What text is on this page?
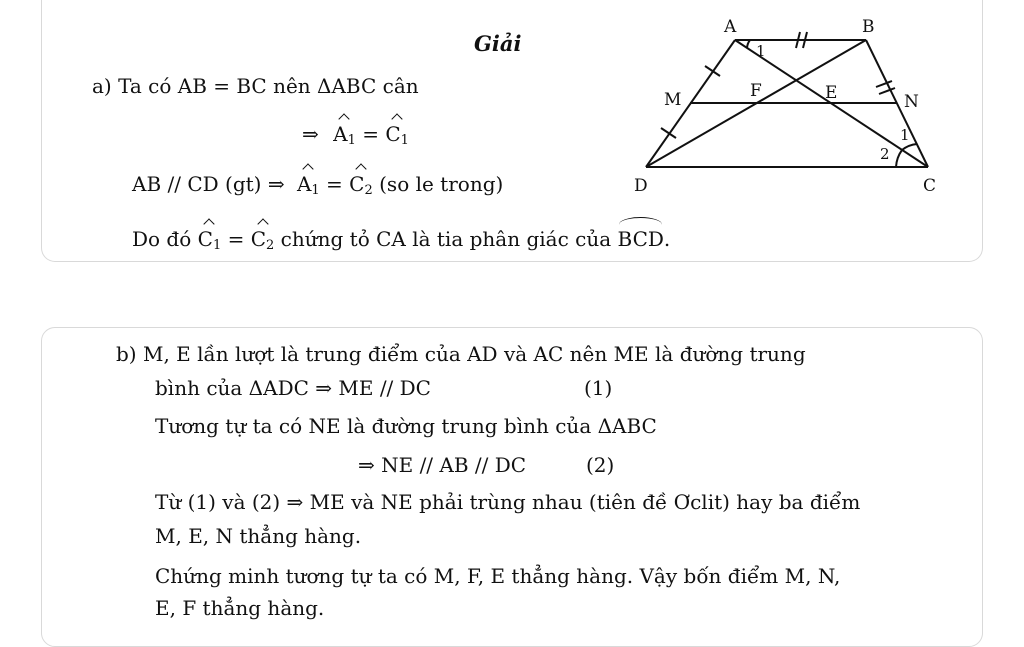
Giải
a) Ta có AB = BC nên ΔABC cân
⇒ $A_1 = C_1$
AB // CD (gt) ⇒ $A_1 = C_2$ (so le trong)
Do đó $C_1 = C_2$ chứng tỏ CA là tia phân giác của BCD.
A	B
C
D
M	N
E
F
1
1
2
b) M, E lần lượt là trung điểm của AD và AC nên ME là đường trung
bình của ΔADC ⇒ ME // DC	(1)
Tương tự ta có NE là đường trung bình của ΔABC
⇒ NE // AB // DC	(2)
Từ (1) và (2) ⇒ ME và NE phải trùng nhau (tiên đề Ơclit) hay ba điểm
M, E, N thẳng hàng.
Chứng minh tương tự ta có M, F, E thẳng hàng. Vậy bốn điểm M, N,
E, F thẳng hàng.
